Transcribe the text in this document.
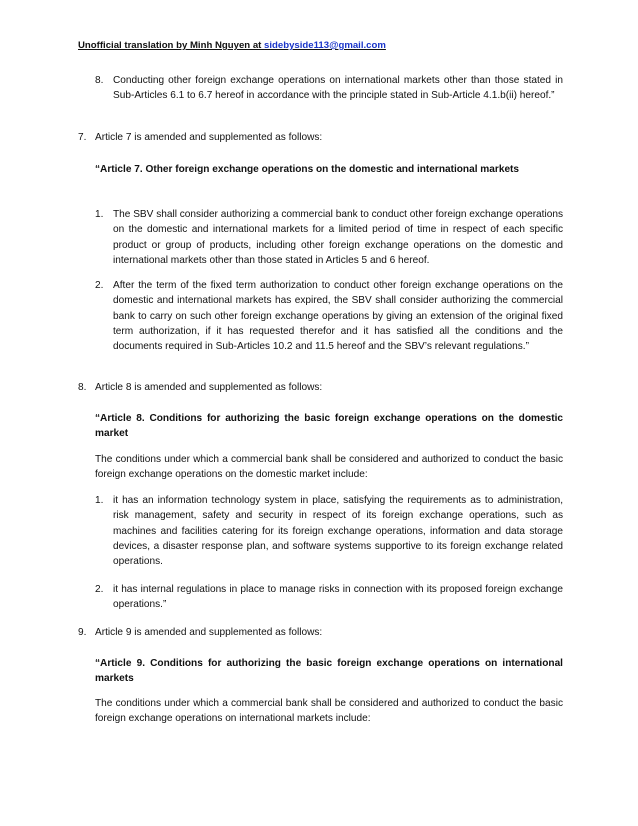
Unofficial translation by Minh Nguyen at sidebyside113@gmail.com
8. Conducting other foreign exchange operations on international markets other than those stated in Sub-Articles 6.1 to 6.7 hereof in accordance with the principle stated in Sub-Article 4.1.b(ii) hereof.”
7. Article 7 is amended and supplemented as follows:
“Article 7. Other foreign exchange operations on the domestic and international markets
1. The SBV shall consider authorizing a commercial bank to conduct other foreign exchange operations on the domestic and international markets for a limited period of time in respect of each specific product or group of products, including other foreign exchange operations on the domestic and international markets other than those stated in Articles 5 and 6 hereof.
2. After the term of the fixed term authorization to conduct other foreign exchange operations on the domestic and international markets has expired, the SBV shall consider authorizing the commercial bank to carry on such other foreign exchange operations by giving an extension of the original fixed term authorization, if it has requested therefor and it has satisfied all the conditions and the documents required in Sub-Articles 10.2 and 11.5 hereof and the SBV’s relevant regulations.”
8. Article 8 is amended and supplemented as follows:
“Article 8. Conditions for authorizing the basic foreign exchange operations on the domestic market
The conditions under which a commercial bank shall be considered and authorized to conduct the basic foreign exchange operations on the domestic market include:
1. it has an information technology system in place, satisfying the requirements as to administration, risk management, safety and security in respect of its foreign exchange operations, such as machines and facilities catering for its foreign exchange operations, information and data storage devices, a disaster response plan, and software systems supportive to its foreign exchange related operations.
2. it has internal regulations in place to manage risks in connection with its proposed foreign exchange operations.”
9. Article 9 is amended and supplemented as follows:
“Article 9. Conditions for authorizing the basic foreign exchange operations on international markets
The conditions under which a commercial bank shall be considered and authorized to conduct the basic foreign exchange operations on international markets include:
